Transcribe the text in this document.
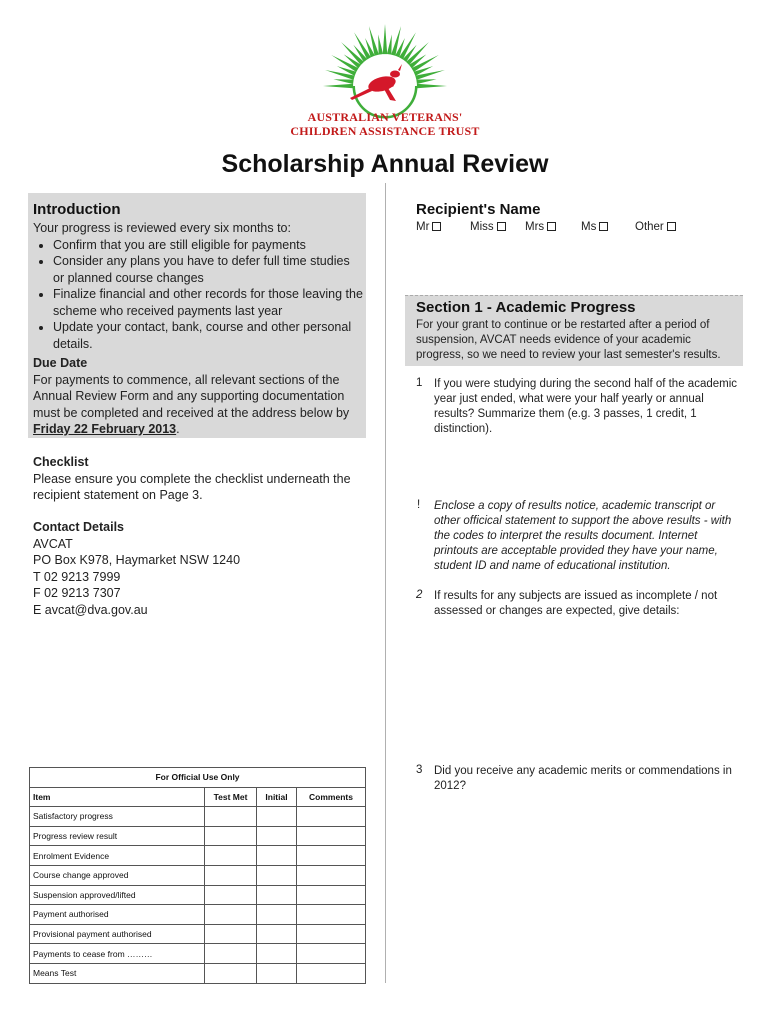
AUSTRALIAN VETERANS'
CHILDREN ASSISTANCE TRUST
Scholarship Annual Review
Introduction
Your progress is reviewed every six months to:
• Confirm that you are still eligible for payments
• Consider any plans you have to defer full time studies or planned course changes
• Finalize financial and other records for those leaving the scheme who received payments last year
• Update your contact, bank, course and other personal details.
Due Date
For payments to commence, all relevant sections of the Annual Review Form and any supporting documentation must be completed and received at the address below by Friday 22 February 2013.
Checklist
Please ensure you complete the checklist underneath the recipient statement on Page 3.
Contact Details
AVCAT
PO Box K978, Haymarket NSW 1240
T 02 9213 7999
F 02 9213 7307
E avcat@dva.gov.au
Recipient's Name
Mr	Miss	Mrs	Ms	Other
Section 1 - Academic Progress
For your grant to continue or be restarted after a period of suspension, AVCAT needs evidence of your academic progress, so we need to review your last semester's results.
1 If you were studying during the second half of the academic year just ended, what were your half yearly or annual results? Summarize them (e.g. 3 passes, 1 credit, 1 distinction).
! Enclose a copy of results notice, academic transcript or other officical statement to support the above results - with the codes to interpret the results document. Internet printouts are acceptable provided they have your name, student ID and name of educational institution.
2 If results for any subjects are issued as incomplete / not assessed or changes are expected, give details:
3 Did you receive any academic merits or commendations in 2012?
For Official Use Only			
Item	Test Met	Initial	Comments
Satisfactory progress			
Progress review result			
Enrolment Evidence			
Course change approved			
Suspension approved/lifted			
Payment authorised			
Provisional payment authorised			
Payments to cease from ………			
Means Test			
